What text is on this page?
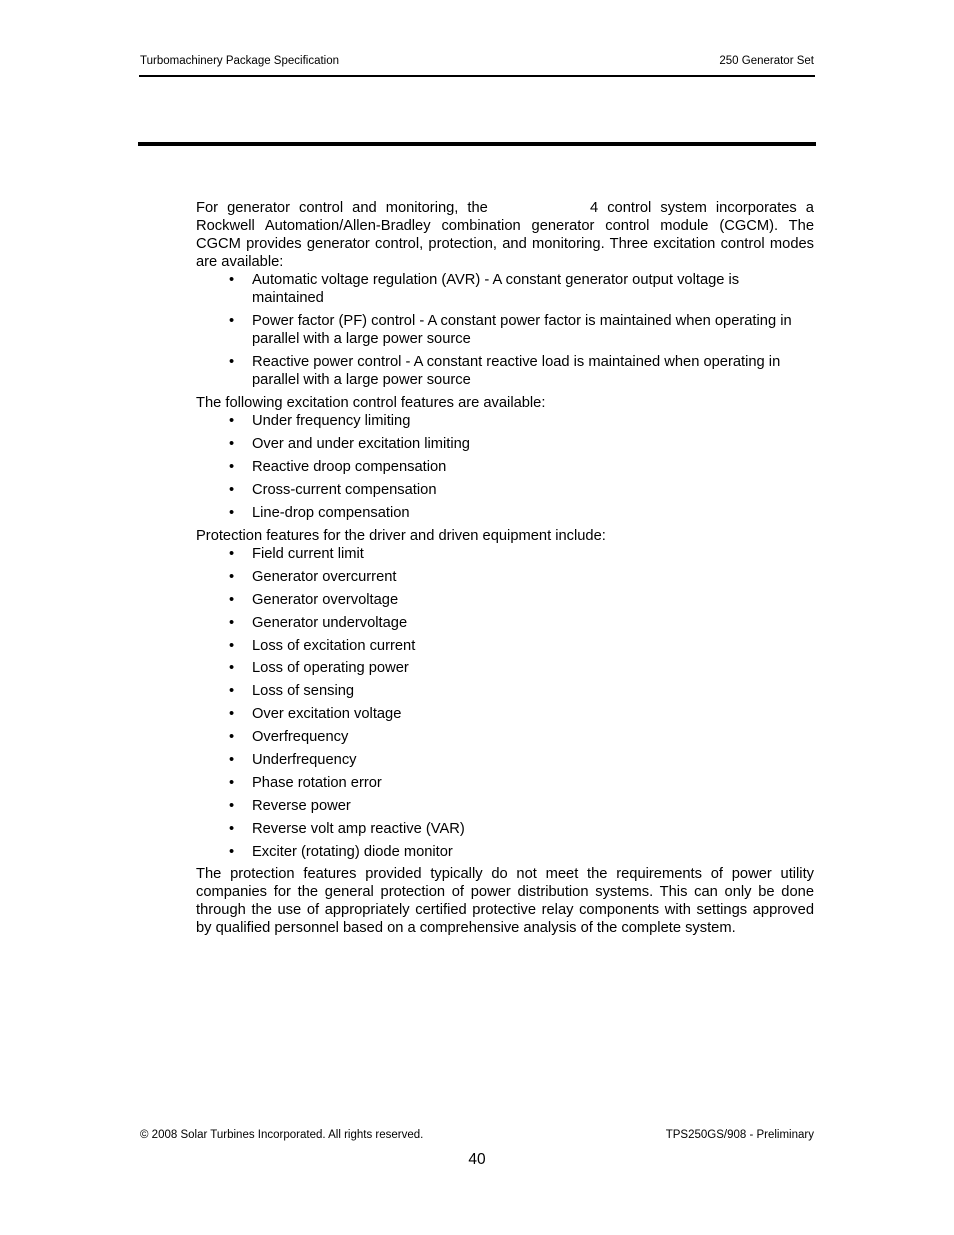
Turbomachinery Package Specification	250 Generator Set

For generator control and monitoring, the	4 control system incorporates a Rockwell Automation/Allen-Bradley combination generator control module (CGCM). The CGCM provides generator control, protection, and monitoring. Three excitation control modes are available:

• Automatic voltage regulation (AVR) - A constant generator output voltage is maintained
• Power factor (PF) control - A constant power factor is maintained when operating in parallel with a large power source
• Reactive power control - A constant reactive load is maintained when operating in parallel with a large power source

The following excitation control features are available:

• Under frequency limiting
• Over and under excitation limiting
• Reactive droop compensation
• Cross-current compensation
• Line-drop compensation

Protection features for the driver and driven equipment include:

• Field current limit
• Generator overcurrent
• Generator overvoltage
• Generator undervoltage
• Loss of excitation current
• Loss of operating power
• Loss of sensing
• Over excitation voltage
• Overfrequency
• Underfrequency
• Phase rotation error
• Reverse power
• Reverse volt amp reactive (VAR)
• Exciter (rotating) diode monitor

The protection features provided typically do not meet the requirements of power utility companies for the general protection of power distribution systems. This can only be done through the use of appropriately certified protective relay components with settings approved by qualified personnel based on a comprehensive analysis of the complete system.

© 2008 Solar Turbines Incorporated. All rights reserved.	TPS250GS/908 - Preliminary
40
